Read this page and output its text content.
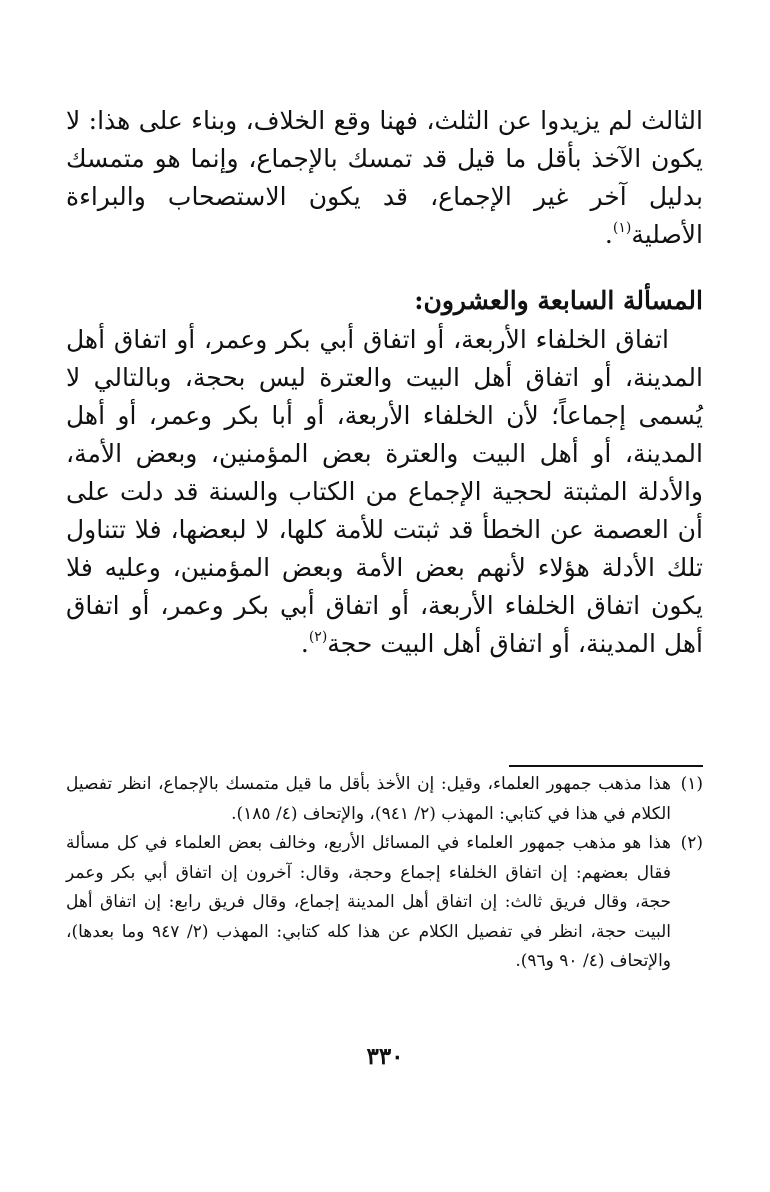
الثالث لم يزيدوا عن الثلث، فهنا وقع الخلاف، وبناء على هذا: لا يكون الآخذ بأقل ما قيل قد تمسك بالإجماع، وإنما هو متمسك بدليل آخر غير الإجماع، قد يكون الاستصحاب والبراءة الأصلية$^{(١)}$.

المسألة السابعة والعشرون:

اتفاق الخلفاء الأربعة، أو اتفاق أبي بكر وعمر، أو اتفاق أهل المدينة، أو اتفاق أهل البيت والعترة ليس بحجة، وبالتالي لا يُسمى إجماعاً؛ لأن الخلفاء الأربعة، أو أبا بكر وعمر، أو أهل المدينة، أو أهل البيت والعترة بعض المؤمنين، وبعض الأمة، والأدلة المثبتة لحجية الإجماع من الكتاب والسنة قد دلت على أن العصمة عن الخطأ قد ثبتت للأمة كلها، لا لبعضها، فلا تتناول تلك الأدلة هؤلاء لأنهم بعض الأمة وبعض المؤمنين، وعليه فلا يكون اتفاق الخلفاء الأربعة، أو اتفاق أبي بكر وعمر، أو اتفاق أهل المدينة، أو اتفاق أهل البيت حجة$^{(٢)}$.

(١)
هذا مذهب جمهور العلماء، وقيل: إن الأخذ بأقل ما قيل متمسك بالإجماع، انظر تفصيل الكلام في هذا في كتابي: المهذب (٢/ ٩٤١)، والإتحاف (٤/ ١٨٥).

(٢)
هذا هو مذهب جمهور العلماء في المسائل الأربع، وخالف بعض العلماء في كل مسألة فقال بعضهم: إن اتفاق الخلفاء إجماع وحجة، وقال: آخرون إن اتفاق أبي بكر وعمر حجة، وقال فريق ثالث: إن اتفاق أهل المدينة إجماع، وقال فريق رابع: إن اتفاق أهل البيت حجة، انظر في تفصيل الكلام عن هذا كله كتابي: المهذب (٢/ ٩٤٧ وما بعدها)، والإتحاف (٤/ ٩٠ و٩٦).

٣٣٠
